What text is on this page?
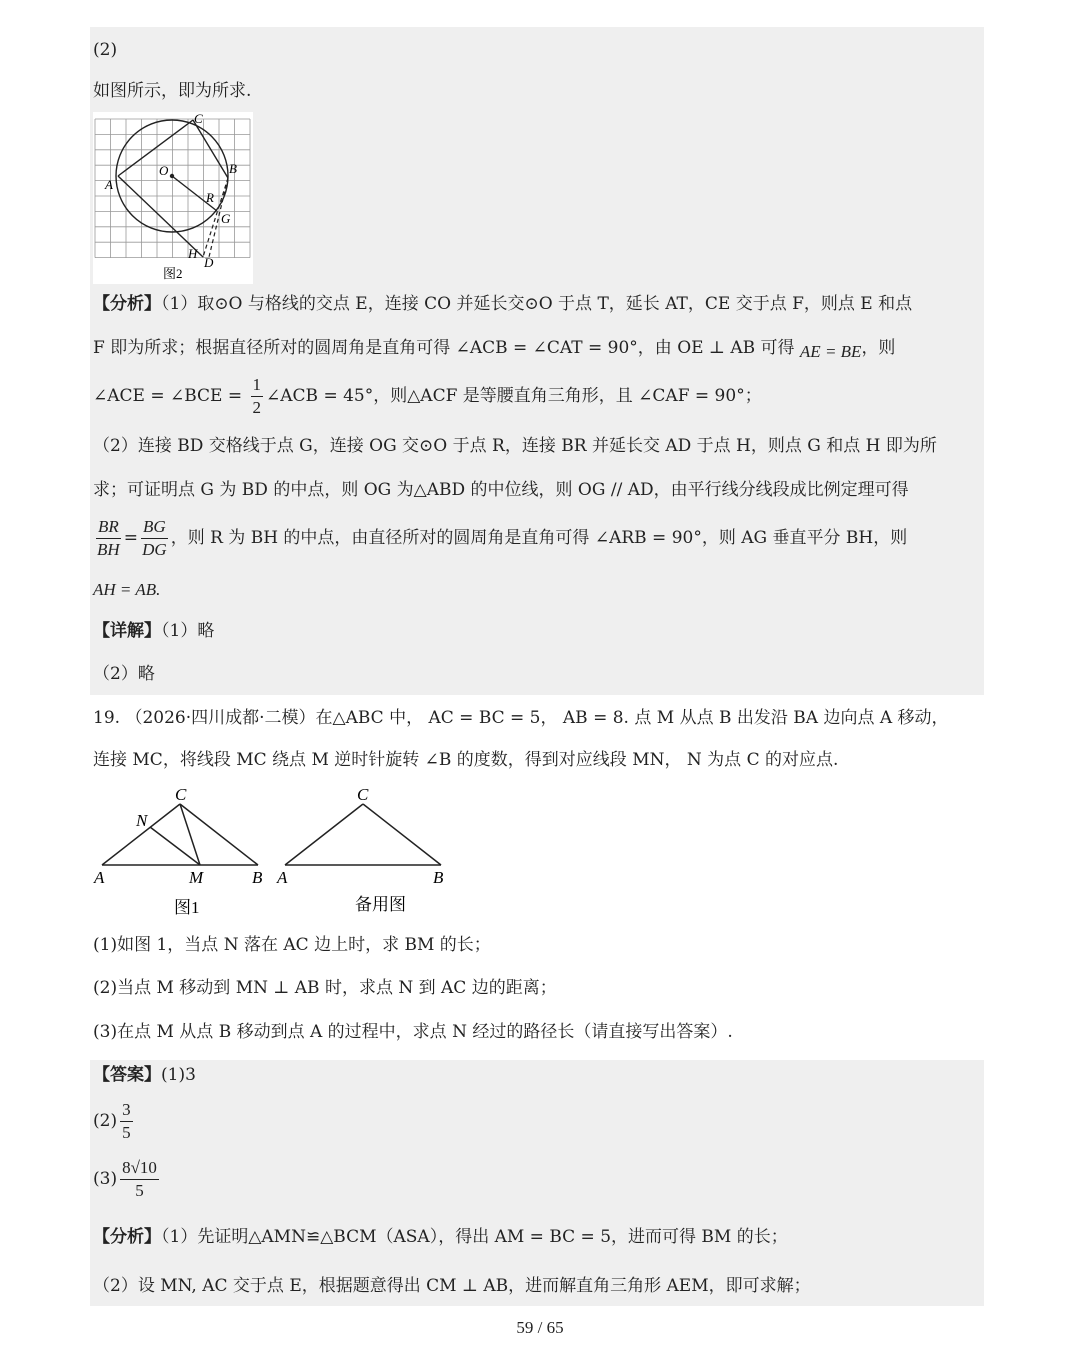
(2)
如图所示，即为所求.
C
O	B
A
R
G
H
D
图2
【分析】（1）取⊙O 与格线的交点 E，连接 CO 并延长交⊙O 于点 T，延长 AT，CE 交于点 F，则点 E 和点
F 即为所求；根据直径所对的圆周角是直角可得 ∠ACB = ∠CAT = 90°，由 OE ⊥ AB 可得 AE = BE，则
∠ACE = ∠BCE = $\frac{1}{2}$ ∠ACB = 45°，则△ACF 是等腰直角三角形，且 ∠CAF = 90°；
（2）连接 BD 交格线于点 G，连接 OG 交⊙O 于点 R，连接 BR 并延长交 AD 于点 H，则点 G 和点 H 即为所
求；可证明点 G 为 BD 的中点，则 OG 为△ABD 的中位线，则 OG // AD，由平行线分线段成比例定理可得
$\frac{BR}{BH} = \frac{BG}{DG}$ ，则 R 为 BH 的中点，由直径所对的圆周角是直角可得 ∠ARB = 90°，则 AG 垂直平分 BH，则
AH = AB.
【详解】（1）略
（2）略
19. （2026·四川成都·二模）在△ABC 中， AC = BC = 5， AB = 8. 点 M 从点 B 出发沿 BA 边向点 A 移动，
连接 MC，将线段 MC 绕点 M 逆时针旋转 ∠B 的度数，得到对应线段 MN， N 为点 C 的对应点.
C
N
A	M	B A
C
B
图1	备用图
(1)如图 1，当点 N 落在 AC 边上时，求 BM 的长；
(2)当点 M 移动到 MN ⊥ AB 时，求点 N 到 AC 边的距离；
(3)在点 M 从点 B 移动到点 A 的过程中，求点 N 经过的路径长（请直接写出答案）.
【答案】(1)3
$(2) \frac{3}{5}$
$(3) \frac{8√10}{5}$
【分析】（1）先证明△AMN≌△BCM（ASA），得出 AM = BC = 5，进而可得 BM 的长；
（2）设 MN, AC 交于点 E，根据题意得出 CM ⊥ AB，进而解直角三角形 AEM，即可求解；
59 / 65
